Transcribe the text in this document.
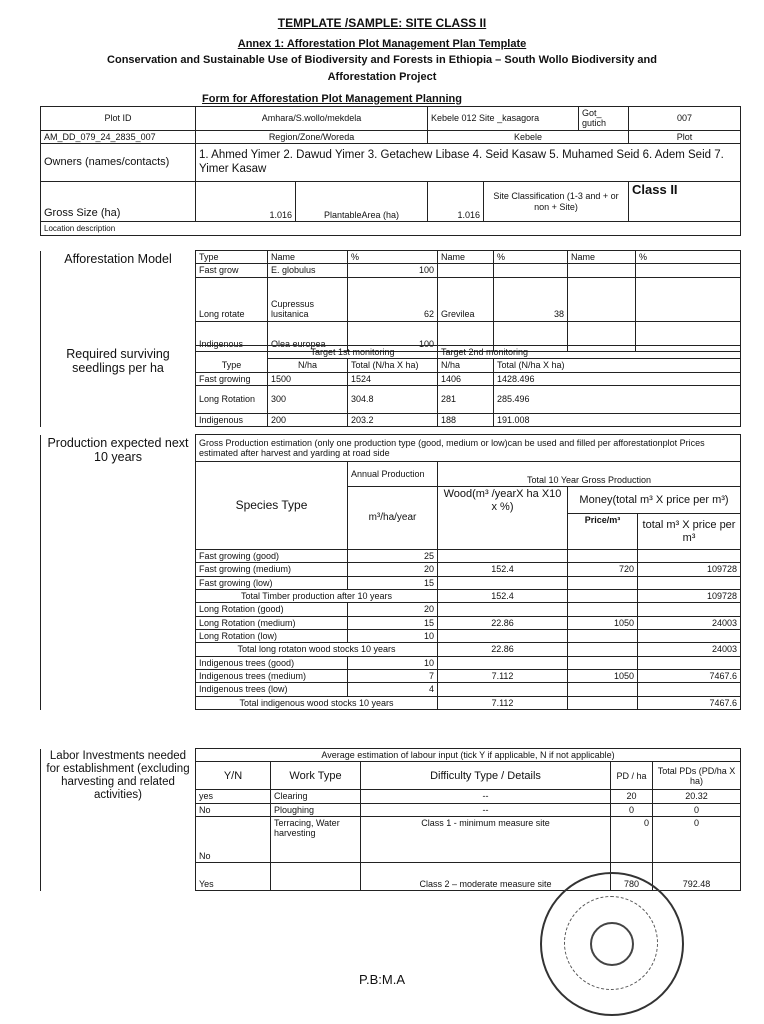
TEMPLATE /SAMPLE: SITE CLASS II
Annex 1: Afforestation Plot Management Plan Template
Conservation and Sustainable Use of Biodiversity and Forests in Ethiopia – South Wollo Biodiversity and
Afforestation Project
Form for Afforestation Plot Management Planning
Plot ID	Amhara/S.wollo/mekdela		Kebele 012 Site _kasagora		Got_ gutich	007
AM_DD_079_24_2835_007	Region/Zone/Woreda		Kebele			Plot
Owners (names/contacts)	1. Ahmed Yimer 2. Dawud Yimer 3. Getachew Libase 4. Seid Kasaw 5. Muhamed Seid 6. Adem Seid 7. Yimer Kasaw					
Gross Size (ha)	1.016	PlantableArea (ha)	1.016	Site Classification (1-3 and + or non + Site)		Class II
Location description						
Afforestation Model	Type	Name	%	Name	%	Name	%
	Fast grow	E. globulus	100				
	Long rotate	Cupressus lusitanica	62	Grevilea	38		
	Indigenous	Olea europea	100				
Required surviving seedlings per ha		Target 1st monitoring		Target 2nd monitoring	
	Type	N/ha	Total (N/ha X ha)	N/ha	Total (N/ha X ha)
	Fast growing	1500	1524	1406	1428.496
	Long Rotation	300	304.8	281	285.496
	Indigenous	200	203.2	188	191.008
Production expected next 10 years	Gross Production estimation (only one production type (good, medium or low)can be used and filled per afforestationplot Prices estimated after harvest and yarding at road side				
	Species Type	Annual Production	Total 10 Year Gross Production		
		m³/ha/year	Wood(m³ /yearX ha X10 x %)	Money(total m³ X price per m³)	
				Price/m³	total m³ X price per m³
	Fast growing (good)	25			
	Fast growing (medium)	20	152.4	720	109728
	Fast growing (low)	15			
	Total Timber production after 10 years		152.4		109728
	Long Rotation (good)	20			
	Long Rotation (medium)	15	22.86	1050	24003
	Long Rotation (low)	10			
	Total long rotaton wood stocks 10 years		22.86		24003
	Indigenous trees (good)	10			
	Indigenous trees (medium)	7	7.112	1050	7467.6
	Indigenous trees (low)	4			
	Total indigenous wood stocks 10 years		7.112		7467.6
Labor Investments needed for establishment (excluding harvesting and related activities)	Average estimation of labour input (tick Y if applicable, N if not applicable)				
	Y/N	Work Type	Difficulty Type / Details	PD / ha	Total PDs (PD/ha X ha)
	yes	Clearing	--	20	20.32
	No	Ploughing	--	0	0
	No	Terracing, Water harvesting	Class 1 - minimum measure site	0	0
	Yes		Class 2 – moderate measure site	780	792.48
P.B:M.A
